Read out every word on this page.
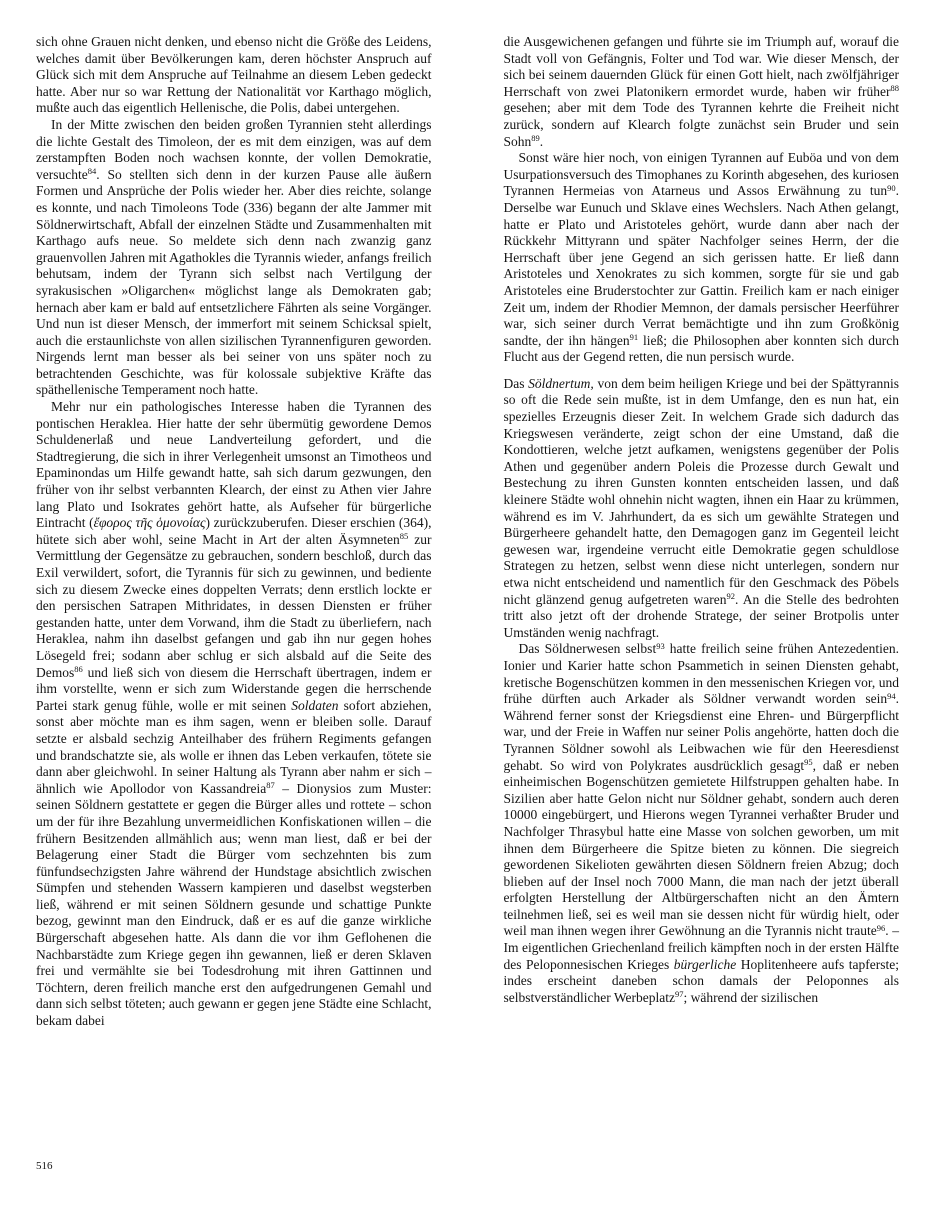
sich ohne Grauen nicht denken, und ebenso nicht die Größe des Leidens, welches damit über Bevölkerungen kam, deren höchster Anspruch auf Glück sich mit dem Anspruche auf Teilnahme an diesem Leben gedeckt hatte. Aber nur so war Rettung der Nationalität vor Karthago möglich, mußte auch das eigentlich Hellenische, die Polis, dabei untergehen.

In der Mitte zwischen den beiden großen Tyrannien steht allerdings die lichte Gestalt des Timoleon, der es mit dem einzigen, was auf dem zerstampften Boden noch wachsen konnte, der vollen Demokratie, versuchte$^{84}$. So stellten sich denn in der kurzen Pause alle äußern Formen und Ansprüche der Polis wieder her. Aber dies reichte, solange es konnte, und nach Timoleons Tode (336) begann der alte Jammer mit Söldnerwirtschaft, Abfall der einzelnen Städte und Zusammenhalten mit Karthago aufs neue. So meldete sich denn nach zwanzig ganz grauenvollen Jahren mit Agathokles die Tyrannis wieder, anfangs freilich behutsam, indem der Tyrann sich selbst nach Vertilgung der syrakusischen »Oligarchen« möglichst lange als Demokraten gab; hernach aber kam er bald auf entsetzlichere Fährten als seine Vorgänger. Und nun ist dieser Mensch, der immerfort mit seinem Schicksal spielt, auch die erstaunlichste von allen sizilischen Tyrannenfiguren geworden. Nirgends lernt man besser als bei seiner von uns später noch zu betrachtenden Geschichte, was für kolossale subjektive Kräfte das späthellenische Temperament noch hatte.

Mehr nur ein pathologisches Interesse haben die Tyrannen des pontischen Heraklea. Hier hatte der sehr übermütig gewordene Demos Schuldenerlaß und neue Landverteilung gefordert, und die Stadtregierung, die sich in ihrer Verlegenheit umsonst an Timotheos und Epaminondas um Hilfe gewandt hatte, sah sich darum gezwungen, den früher von ihr selbst verbannten Klearch, der einst zu Athen vier Jahre lang Plato und Isokrates gehört hatte, als Aufseher für bürgerliche Eintracht (ἔφορος τῆς ὁμονοίας) zurückzuberufen. Dieser erschien (364), hütete sich aber wohl, seine Macht in Art der alten Äsymneten$^{85}$ zur Vermittlung der Gegensätze zu gebrauchen, sondern beschloß, durch das Exil verwildert, sofort, die Tyrannis für sich zu gewinnen, und bediente sich zu diesem Zwecke eines doppelten Verrats; denn erstlich lockte er den persischen Satrapen Mithridates, in dessen Diensten er früher gestanden hatte, unter dem Vorwand, ihm die Stadt zu überliefern, nach Heraklea, nahm ihn daselbst gefangen und gab ihn nur gegen hohes Lösegeld frei; sodann aber schlug er sich alsbald auf die Seite des Demos$^{86}$ und ließ sich von diesem die Herrschaft übertragen, indem er ihm vorstellte, wenn er sich zum Widerstande gegen die herrschende Partei stark genug fühle, wolle er mit seinen Soldaten sofort abziehen, sonst aber möchte man es ihm sagen, wenn er bleiben solle. Darauf setzte er alsbald sechzig Anteilhaber des frühern Regiments gefangen und brandschatzte sie, als wolle er ihnen das Leben verkaufen, tötete sie dann aber gleichwohl. In seiner Haltung als Tyrann aber nahm er sich – ähnlich wie Apollodor von Kassandreia$^{87}$ – Dionysios zum Muster: seinen Söldnern gestattete er gegen die Bürger alles und rottete – schon um der für ihre Bezahlung unvermeidlichen Konfiskationen willen – die frühern Besitzenden allmählich aus; wenn man liest, daß er bei der Belagerung einer Stadt die Bürger vom sechzehnten bis zum fünfundsechzigsten Jahre während der Hundstage absichtlich zwischen Sümpfen und stehenden Wassern kampieren und daselbst wegsterben ließ, während er mit seinen Söldnern gesunde und schattige Punkte bezog, gewinnt man den Eindruck, daß er es auf die ganze wirkliche Bürgerschaft abgesehen hatte. Als dann die vor ihm Geflohenen die Nachbarstädte zum Kriege gegen ihn gewannen, ließ er deren Sklaven frei und vermählte sie bei Todesdrohung mit ihren Gattinnen und Töchtern, deren freilich manche erst den aufgedrungenen Gemahl und dann sich selbst töteten; auch gewann er gegen jene Städte eine Schlacht, bekam dabei

die Ausgewichenen gefangen und führte sie im Triumph auf, worauf die Stadt voll von Gefängnis, Folter und Tod war. Wie dieser Mensch, der sich bei seinem dauernden Glück für einen Gott hielt, nach zwölfjähriger Herrschaft von zwei Platonikern ermordet wurde, haben wir früher$^{88}$ gesehen; aber mit dem Tode des Tyrannen kehrte die Freiheit nicht zurück, sondern auf Klearch folgte zunächst sein Bruder und sein Sohn$^{89}$.

Sonst wäre hier noch, von einigen Tyrannen auf Euböa und von dem Usurpationsversuch des Timophanes zu Korinth abgesehen, des kuriosen Tyrannen Hermeias von Atarneus und Assos Erwähnung zu tun$^{90}$. Derselbe war Eunuch und Sklave eines Wechslers. Nach Athen gelangt, hatte er Plato und Aristoteles gehört, wurde dann aber nach der Rückkehr Mittyrann und später Nachfolger seines Herrn, der die Herrschaft über jene Gegend an sich gerissen hatte. Er ließ dann Aristoteles und Xenokrates zu sich kommen, sorgte für sie und gab Aristoteles eine Bruderstochter zur Gattin. Freilich kam er nach einiger Zeit um, indem der Rhodier Memnon, der damals persischer Heerführer war, sich seiner durch Verrat bemächtigte und ihn zum Großkönig sandte, der ihn hängen$^{91}$ ließ; die Philosophen aber konnten sich durch Flucht aus der Gegend retten, die nun persisch wurde.

Das Söldnertum, von dem beim heiligen Kriege und bei der Spättyrannis so oft die Rede sein mußte, ist in dem Umfange, den es nun hat, ein spezielles Erzeugnis dieser Zeit. In welchem Grade sich dadurch das Kriegswesen veränderte, zeigt schon der eine Umstand, daß die Kondottieren, welche jetzt aufkamen, wenigstens gegenüber der Polis Athen und gegenüber andern Poleis die Prozesse durch Gewalt und Bestechung zu ihren Gunsten konnten entscheiden lassen, und daß kleinere Städte wohl ohnehin nicht wagten, ihnen ein Haar zu krümmen, während es im V. Jahrhundert, da es sich um gewählte Strategen und Bürgerheere gehandelt hatte, den Demagogen ganz im Gegenteil leicht gewesen war, irgendeine verrucht eitle Demokratie gegen schuldlose Strategen zu hetzen, selbst wenn diese nicht unterlegen, sondern nur etwa nicht entscheidend und namentlich für den Geschmack des Pöbels nicht glänzend genug aufgetreten waren$^{92}$. An die Stelle des bedrohten tritt also jetzt oft der drohende Stratege, der seiner Brotpolis unter Umständen wenig nachfragt.

Das Söldnerwesen selbst$^{93}$ hatte freilich seine frühen Antezedentien. Ionier und Karier hatte schon Psammetich in seinen Diensten gehabt, kretische Bogenschützen kommen in den messenischen Kriegen vor, und frühe dürften auch Arkader als Söldner verwandt worden sein$^{94}$. Während ferner sonst der Kriegsdienst eine Ehren- und Bürgerpflicht war, und der Freie in Waffen nur seiner Polis angehörte, hatten doch die Tyrannen Söldner sowohl als Leibwachen wie für den Heeresdienst gehabt. So wird von Polykrates ausdrücklich gesagt$^{95}$, daß er neben einheimischen Bogenschützen gemietete Hilfstruppen gehalten habe. In Sizilien aber hatte Gelon nicht nur Söldner gehabt, sondern auch deren 10000 eingebürgert, und Hierons wegen Tyrannei verhaßter Bruder und Nachfolger Thrasybul hatte eine Masse von solchen geworben, um mit ihnen dem Bürgerheere die Spitze bieten zu können. Die siegreich gewordenen Sikelioten gewährten diesen Söldnern freien Abzug; doch blieben auf der Insel noch 7000 Mann, die man nach der jetzt überall erfolgten Herstellung der Altbürgerschaften nicht an den Ämtern teilnehmen ließ, sei es weil man sie dessen nicht für würdig hielt, oder weil man ihnen wegen ihrer Gewöhnung an die Tyrannis nicht traute$^{96}$. – Im eigentlichen Griechenland freilich kämpften noch in der ersten Hälfte des Peloponnesischen Krieges bürgerliche Hoplitenheere aufs tapferste; indes erscheint daneben schon damals der Peloponnes als selbstverständlicher Werbeplatz$^{97}$; während der sizilischen

516
